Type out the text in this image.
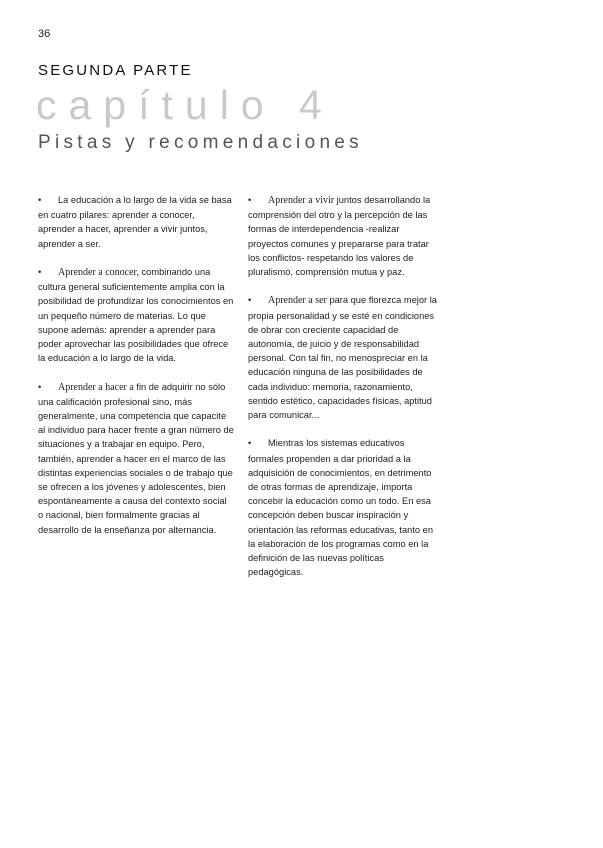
36
SEGUNDA PARTE
capítulo 4
Pistas y recomendaciones

• La educación a lo largo de la vida se basa en cuatro pilares: aprender a conocer, aprender a hacer, aprender a vivir juntos, aprender a ser.

• Aprender a conocer, combinando una cultura general suficientemente amplia con la posibilidad de profundizar los conocimientos en un pequeño número de materias. Lo que supone además: aprender a aprender para poder aprovechar las posibilidades que ofrece la educación a lo largo de la vida.

• Aprender a hacer a fin de adquirir no sólo una calificación profesional sino, más generalmente, una competencia que capacite al individuo para hacer frente a gran número de situaciones y a trabajar en equipo. Pero, también, aprender a hacer en el marco de las distintas experiencias sociales o de trabajo que se ofrecen a los jóvenes y adolescentes, bien espontáneamente a causa del contexto social o nacional, bien formalmente gracias al desarrollo de la enseñanza por alternancia.

• Aprender a vivir juntos desarrollando la comprensión del otro y la percepción de las formas de interdependencia -realizar proyectos comunes y prepararse para tratar los conflictos- respetando los valores de pluralismo, comprensión mutua y paz.

• Aprender a ser para que florezca mejor la propia personalidad y se esté en condiciones de obrar con creciente capacidad de autonomía, de juicio y de responsabilidad personal. Con tal fin, no menospreciar en la educación ninguna de las posibilidades de cada individuo: memoria, razonamiento, sentido estético, capacidades físicas, aptitud para comunicar...

• Mientras los sistemas educativos formales propenden a dar prioridad a la adquisición de conocimientos, en detrimento de otras formas de aprendizaje, importa concebir la educación como un todo. En esa concepción deben buscar inspiración y orientación las reformas educativas, tanto en la elaboración de los programas como en la definición de las nuevas políticas pedagógicas.
